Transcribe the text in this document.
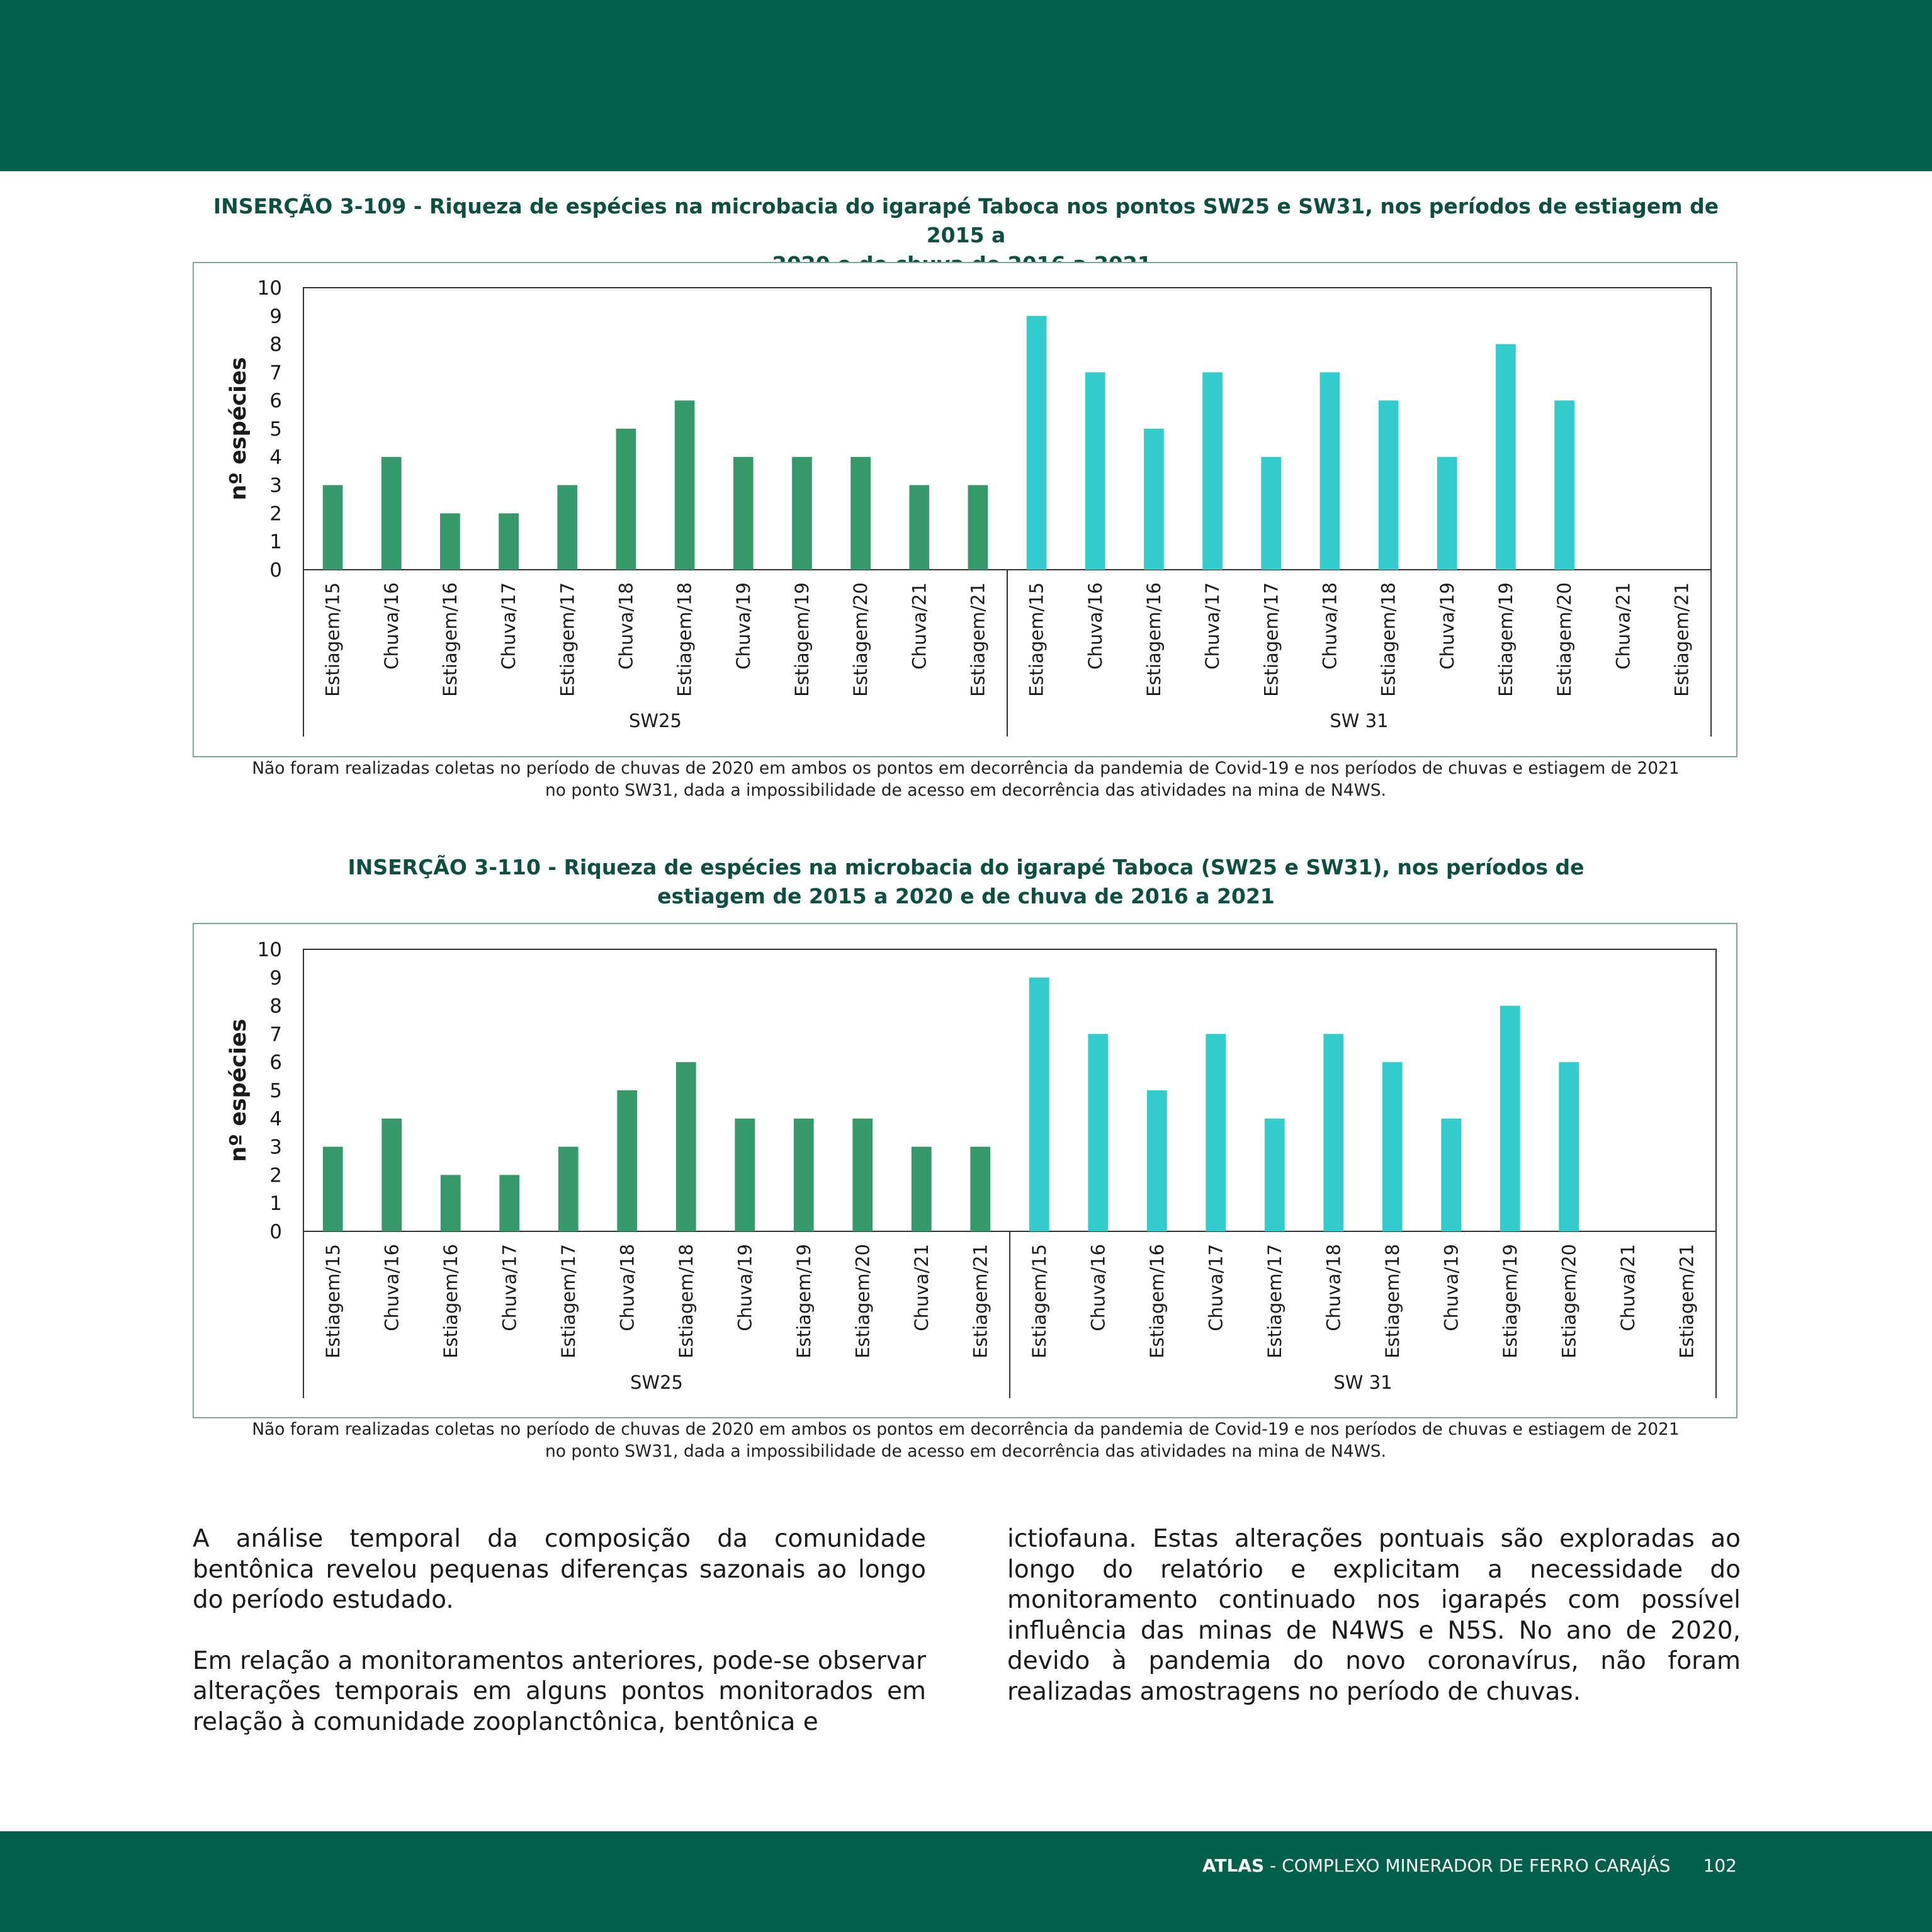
INSERÇÃO 3-109 - Riqueza de espécies na microbacia do igarapé Taboca nos pontos SW25 e SW31, nos períodos de estiagem de 2015 a
0
1
2
3
4
5
6
7
8
9
10
nº espécies
Estiagem/15 Chuva/16 Estiagem/16 Chuva/17 Estiagem/17 Chuva/18 Estiagem/18 Chuva/19 Estiagem/19 Estiagem/20 Chuva/21 Estiagem/21 Estiagem/15 Chuva/16 Estiagem/16 Chuva/17 Estiagem/17 Chuva/18 Estiagem/18 Chuva/19 Estiagem/19 Estiagem/20 Chuva/21 Estiagem/21
SW25	SW 31
Não foram realizadas coletas no período de chuvas de 2020 em ambos os pontos em decorrência da pandemia de Covid-19 e nos períodos de chuvas e estiagem de 2021
no ponto SW31, dada a impossibilidade de acesso em decorrência das atividades na mina de N4WS.
INSERÇÃO 3-110 - Riqueza de espécies na microbacia do igarapé Taboca (SW25 e SW31), nos períodos de
estiagem de 2015 a 2020 e de chuva de 2016 a 2021
0
1
2
3
4
5
6
7
8
9
10
nº espécies
Estiagem/15 Chuva/16 Estiagem/16 Chuva/17 Estiagem/17 Chuva/18 Estiagem/18 Chuva/19 Estiagem/19 Estiagem/20 Chuva/21 Estiagem/21 Estiagem/15 Chuva/16 Estiagem/16 Chuva/17 Estiagem/17 Chuva/18 Estiagem/18 Chuva/19 Estiagem/19 Estiagem/20 Chuva/21 Estiagem/21
SW25	SW 31
Não foram realizadas coletas no período de chuvas de 2020 em ambos os pontos em decorrência da pandemia de Covid-19 e nos períodos de chuvas e estiagem de 2021
no ponto SW31, dada a impossibilidade de acesso em decorrência das atividades na mina de N4WS.

A análise temporal da composição da comunidade bentônica revelou pequenas diferenças sazonais ao longo do período estudado.

Em relação a monitoramentos anteriores, pode-se observar alterações temporais em alguns pontos monitorados em relação à comunidade zooplanctônica, bentônica e

ictiofauna. Estas alterações pontuais são exploradas ao longo do relatório e explicitam a necessidade do monitoramento continuado nos igarapés com possível influência das minas de N4WS e N5S. No ano de 2020, devido à pandemia do novo coronavírus, não foram realizadas amostragens no período de chuvas.

ATLAS - COMPLEXO MINERADOR DE FERRO CARAJÁS 102
